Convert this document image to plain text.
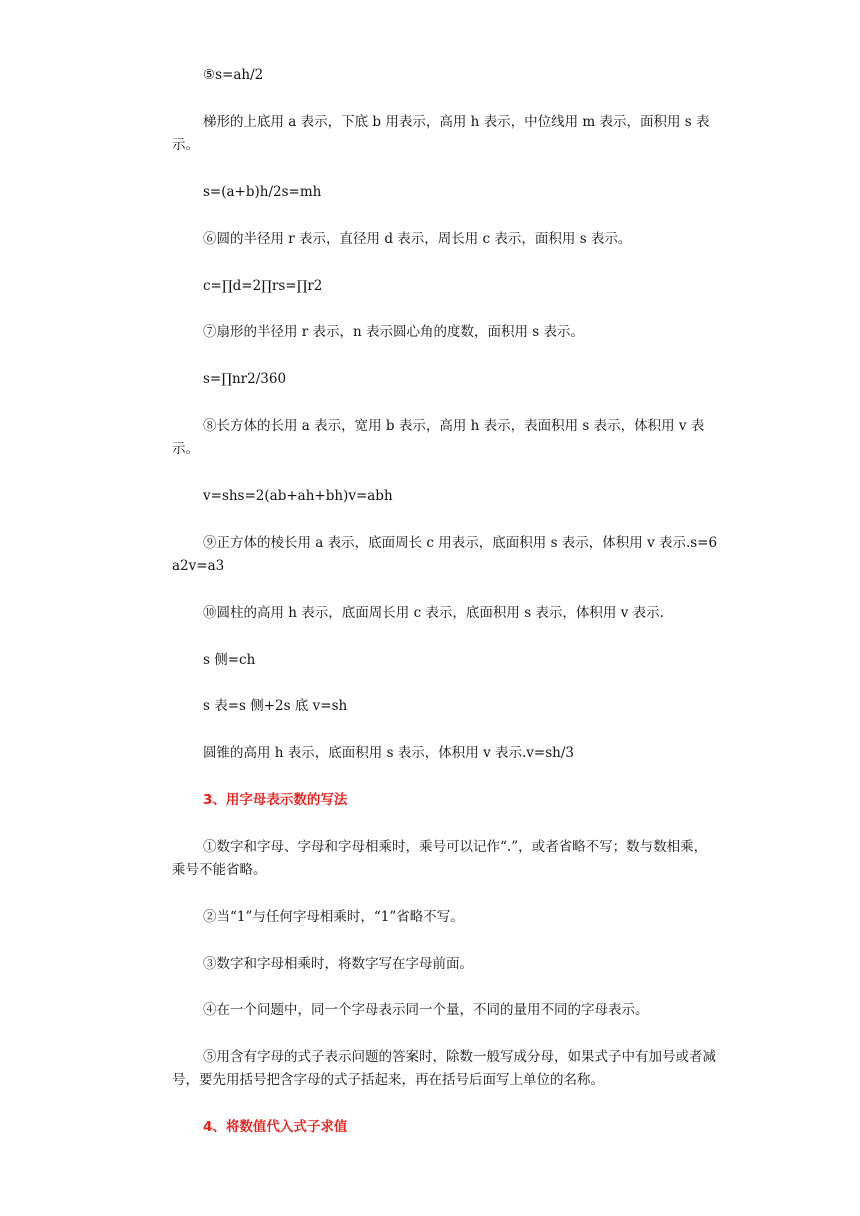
⑤s=ah/2
梯形的上底用 a 表示，下底 b 用表示，高用 h 表示，中位线用 m 表示，面积用 s 表示。
s=(a+b)h/2s=mh
⑥圆的半径用 r 表示，直径用 d 表示，周长用 c 表示，面积用 s 表示。
c=∏d=2∏rs=∏r2
⑦扇形的半径用 r 表示，n 表示圆心角的度数，面积用 s 表示。
s=∏nr2/360
⑧长方体的长用 a 表示，宽用 b 表示，高用 h 表示，表面积用 s 表示，体积用 v 表示。
v=shs=2(ab+ah+bh)v=abh
⑨正方体的棱长用 a 表示，底面周长 c 用表示，底面积用 s 表示，体积用 v 表示.s=6a2v=a3
⑩圆柱的高用 h 表示，底面周长用 c 表示，底面积用 s 表示，体积用 v 表示.
s 侧=ch
s 表=s 侧+2s 底 v=sh
圆锥的高用 h 表示，底面积用 s 表示，体积用 v 表示.v=sh/3
3、用字母表示数的写法
①数字和字母、字母和字母相乘时，乘号可以记作“.”，或者省略不写；数与数相乘，乘号不能省略。
②当“1”与任何字母相乘时，“1”省略不写。
③数字和字母相乘时，将数字写在字母前面。
④在一个问题中，同一个字母表示同一个量，不同的量用不同的字母表示。
⑤用含有字母的式子表示问题的答案时，除数一般写成分母，如果式子中有加号或者减号，要先用括号把含字母的式子括起来，再在括号后面写上单位的名称。
4、将数值代入式子求值
